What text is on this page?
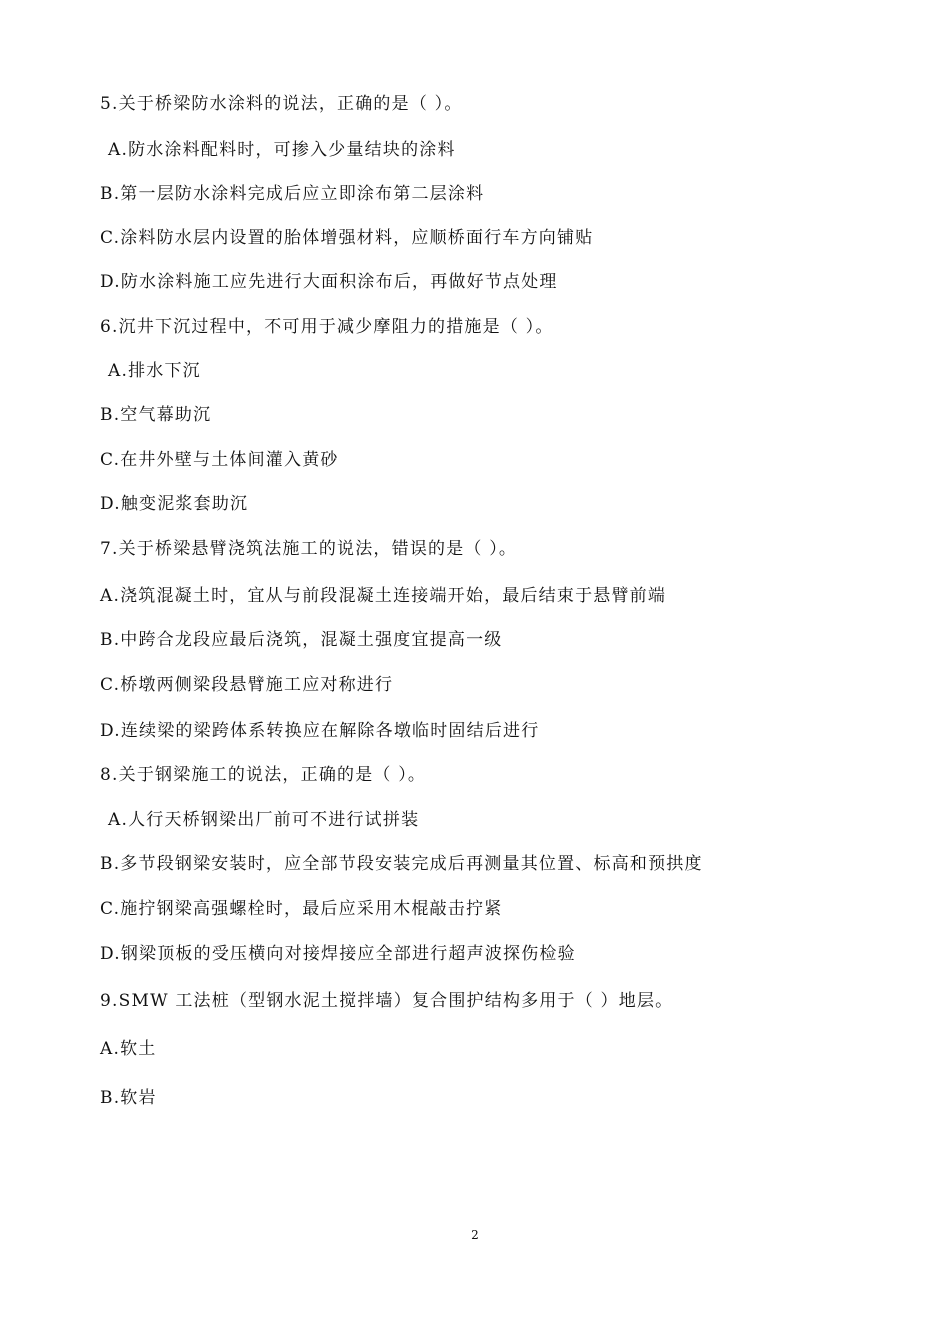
5.关于桥梁防水涂料的说法，正确的是（ ）。
A.防水涂料配料时，可掺入少量结块的涂料
B.第一层防水涂料完成后应立即涂布第二层涂料
C.涂料防水层内设置的胎体增强材料，应顺桥面行车方向铺贴
D.防水涂料施工应先进行大面积涂布后，再做好节点处理
6.沉井下沉过程中，不可用于减少摩阻力的措施是（ ）。
A.排水下沉
B.空气幕助沉
C.在井外壁与土体间灌入黄砂
D.触变泥浆套助沉
7.关于桥梁悬臂浇筑法施工的说法，错误的是（ ）。
A.浇筑混凝土时，宜从与前段混凝土连接端开始，最后结束于悬臂前端
B.中跨合龙段应最后浇筑，混凝土强度宜提高一级
C.桥墩两侧梁段悬臂施工应对称进行
D.连续梁的梁跨体系转换应在解除各墩临时固结后进行
8.关于钢梁施工的说法，正确的是（ ）。
A.人行天桥钢梁出厂前可不进行试拼装
B.多节段钢梁安装时，应全部节段安装完成后再测量其位置、标高和预拱度
C.施拧钢梁高强螺栓时，最后应采用木棍敲击拧紧
D.钢梁顶板的受压横向对接焊接应全部进行超声波探伤检验
9.SMW 工法桩（型钢水泥土搅拌墙）复合围护结构多用于（ ）地层。
A.软土
B.软岩
2
